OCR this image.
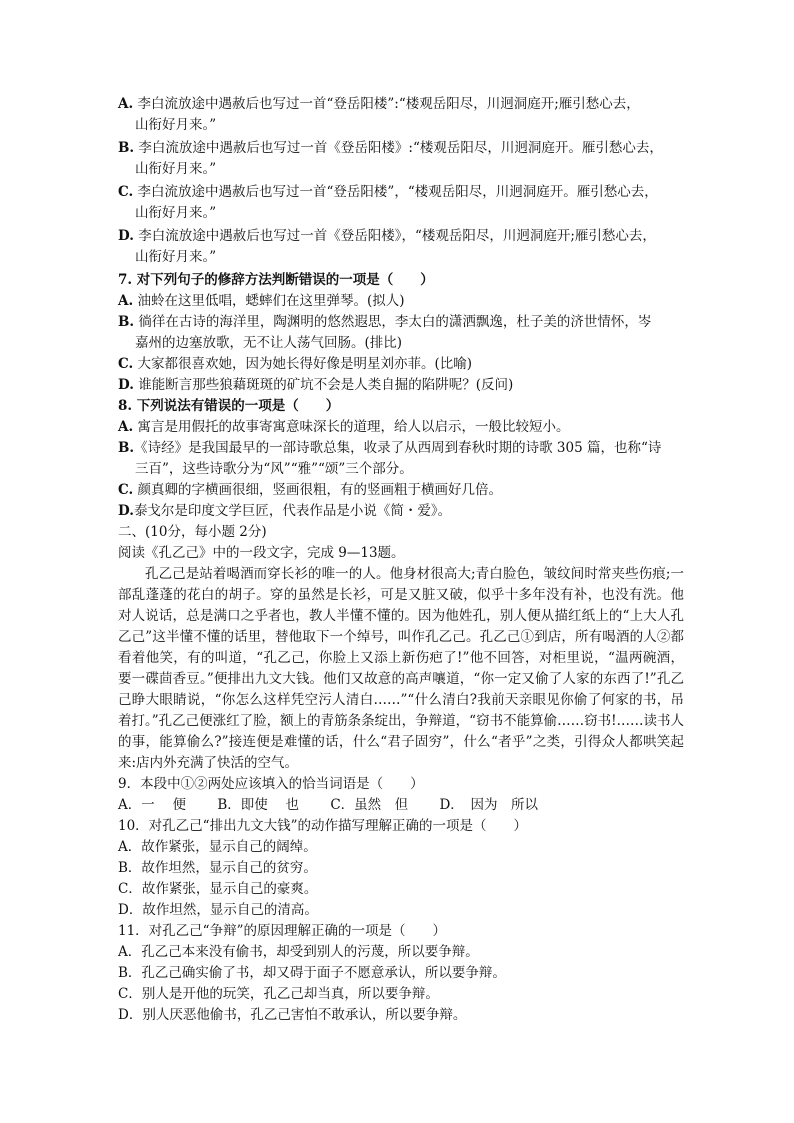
A. 李白流放途中遇赦后也写过一首“登岳阳楼”:“楼观岳阳尽，川迥洞庭开;雁引愁心去，
山衔好月来。”
B. 李白流放途中遇赦后也写过一首《登岳阳楼》:“楼观岳阳尽，川迥洞庭开。雁引愁心去，
山衔好月来。”
C. 李白流放途中遇赦后也写过一首“登岳阳楼”，“楼观岳阳尽，川迥洞庭开。雁引愁心去，
山衔好月来。”
D. 李白流放途中遇赦后也写过一首《登岳阳楼》，“楼观岳阳尽，川迥洞庭开;雁引愁心去，
山衔好月来。”
7. 对下列句子的修辞方法判断错误的一项是（　　）
A. 油蛉在这里低唱，蟋蟀们在这里弹琴。(拟人)
B. 徜徉在古诗的海洋里，陶渊明的悠然遐思，李太白的潇洒飘逸，杜子美的济世情怀，岑
嘉州的边塞放歌，无不让人荡气回肠。(排比)
C. 大家都很喜欢她，因为她长得好像是明星刘亦菲。(比喻)
D. 谁能断言那些狼藉斑斑的矿坑不会是人类自掘的陷阱呢？(反问)
8. 下列说法有错误的一项是（　　）
A. 寓言是用假托的故事寄寓意味深长的道理，给人以启示，一般比较短小。
B.《诗经》是我国最早的一部诗歌总集，收录了从西周到春秋时期的诗歌 305 篇，也称“诗
三百”，这些诗歌分为“风”“雅”“颂”三个部分。
C. 颜真卿的字横画很细，竖画很粗，有的竖画粗于横画好几倍。
D.泰戈尔是印度文学巨匠，代表作品是小说《简・爱》。
二、(10分，每小题 2分)
阅读《孔乙己》中的一段文字，完成 9—13题。
孔乙己是站着喝酒而穿长衫的唯一的人。他身材很高大;青白脸色，皱纹间时常夹些伤痕;一部乱蓬蓬的花白的胡子。穿的虽然是长衫，可是又脏又破，似乎十多年没有补，也没有洗。他对人说话，总是满口之乎者也，教人半懂不懂的。因为他姓孔，别人便从描红纸上的“上大人孔乙己”这半懂不懂的话里，替他取下一个绰号，叫作孔乙己。孔乙己①到店，所有喝酒的人②都看着他笑，有的叫道，“孔乙己，你脸上又添上新伤疤了!”他不回答，对柜里说，“温两碗酒，要一碟茴香豆。”便排出九文大钱。他们又故意的高声嚷道，“你一定又偷了人家的东西了!”孔乙己睁大眼睛说，“你怎么这样凭空污人清白……”“什么清白?我前天亲眼见你偷了何家的书，吊着打。”孔乙己便涨红了脸，额上的青筋条条绽出，争辩道，“窃书不能算偷……窃书!……读书人的事，能算偷么?”接连便是难懂的话，什么“君子固穷”，什么“者乎”之类，引得众人都哄笑起来:店内外充满了快活的空气。
9．本段中①②两处应该填入的恰当词语是（　　）
A．一　 便　　 B．即使　 也　　 C．虽然　但　　 D．　因为　所以
10．对孔乙己“排出九文大钱”的动作描写理解正确的一项是（　　）
A．故作紧张，显示自己的阔绰。
B．故作坦然，显示自己的贫穷。
C．故作紧张，显示自己的豪爽。
D．故作坦然，显示自己的清高。
11．对孔乙己“争辩”的原因理解正确的一项是（　　）
A．孔乙己本来没有偷书，却受到别人的污蔑，所以要争辩。
B．孔乙己确实偷了书，却又碍于面子不愿意承认，所以要争辩。
C．别人是开他的玩笑，孔乙己却当真，所以要争辩。
D．别人厌恶他偷书，孔乙己害怕不敢承认，所以要争辩。
